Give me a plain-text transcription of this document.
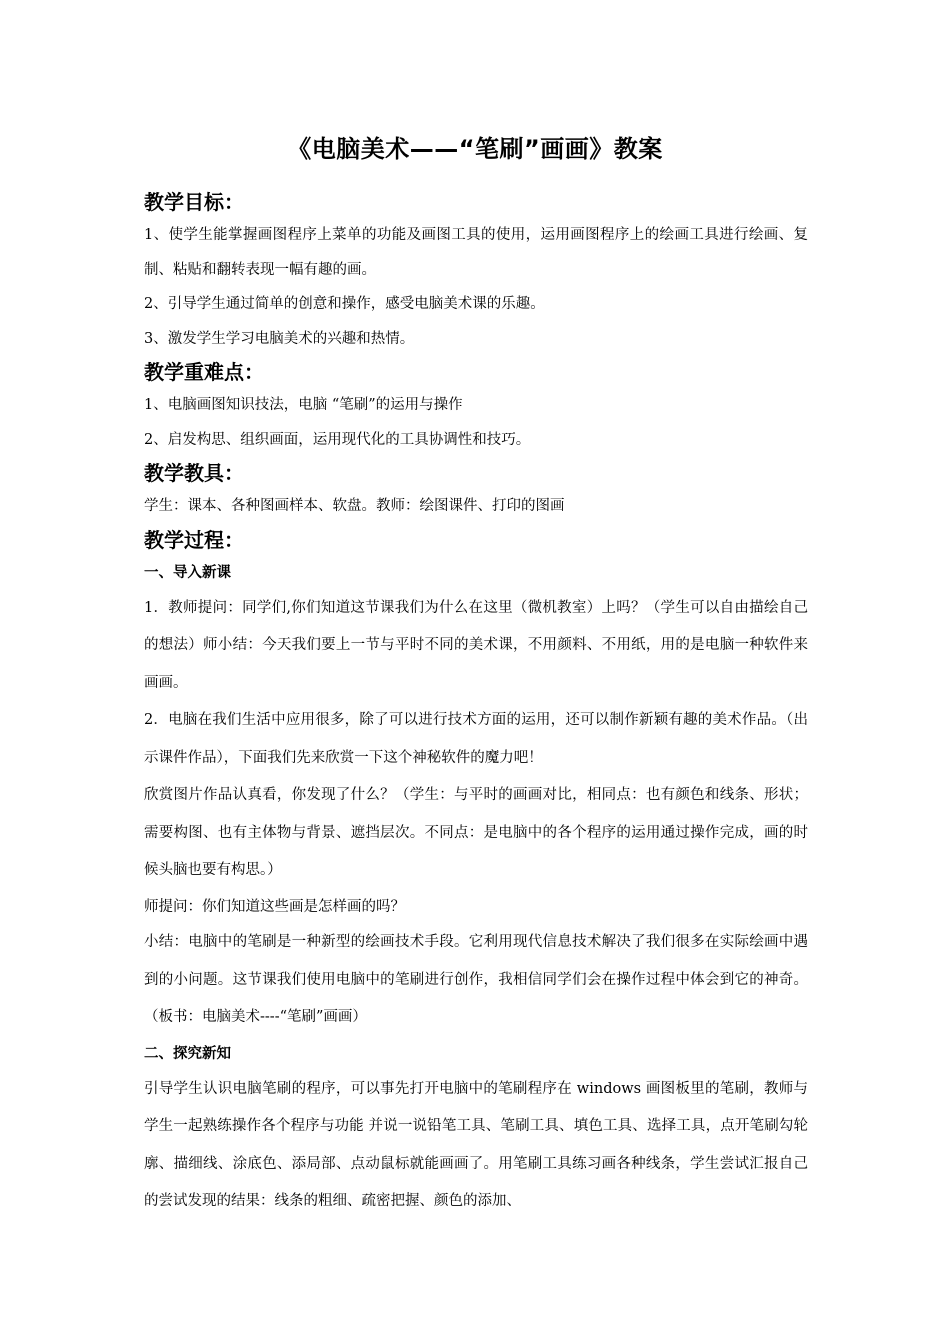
《电脑美术——“笔刷”画画》教案
教学目标：
1、使学生能掌握画图程序上菜单的功能及画图工具的使用，运用画图程序上的绘画工具进行绘画、复制、粘贴和翻转表现一幅有趣的画。
2、引导学生通过简单的创意和操作，感受电脑美术课的乐趣。
3、激发学生学习电脑美术的兴趣和热情。
教学重难点：
1、电脑画图知识技法，电脑 “笔刷”的运用与操作
2、启发构思、组织画面，运用现代化的工具协调性和技巧。
教学教具：
学生：课本、各种图画样本、软盘。教师：绘图课件、打印的图画
教学过程：
一、导入新课
1．教师提问：同学们,你们知道这节课我们为什么在这里（微机教室）上吗？（学生可以自由描绘自己的想法）师小结：今天我们要上一节与平时不同的美术课，不用颜料、不用纸，用的是电脑一种软件来画画。
2．电脑在我们生活中应用很多，除了可以进行技术方面的运用，还可以制作新颖有趣的美术作品。（出示课件作品），下面我们先来欣赏一下这个神秘软件的魔力吧！
欣赏图片作品认真看，你发现了什么？（学生：与平时的画画对比，相同点：也有颜色和线条、形状；需要构图、也有主体物与背景、遮挡层次。不同点：是电脑中的各个程序的运用通过操作完成，画的时候头脑也要有构思。）
师提问：你们知道这些画是怎样画的吗？
小结：电脑中的笔刷是一种新型的绘画技术手段。它利用现代信息技术解决了我们很多在实际绘画中遇到的小问题。这节课我们使用电脑中的笔刷进行创作，我相信同学们会在操作过程中体会到它的神奇。（板书：电脑美术----“笔刷”画画）
二、探究新知
引导学生认识电脑笔刷的程序，可以事先打开电脑中的笔刷程序在 windows 画图板里的笔刷，教师与学生一起熟练操作各个程序与功能 并说一说铅笔工具、笔刷工具、填色工具、选择工具，点开笔刷勾轮廓、描细线、涂底色、添局部、点动鼠标就能画画了。用笔刷工具练习画各种线条，学生尝试汇报自己的尝试发现的结果：线条的粗细、疏密把握、颜色的添加、
